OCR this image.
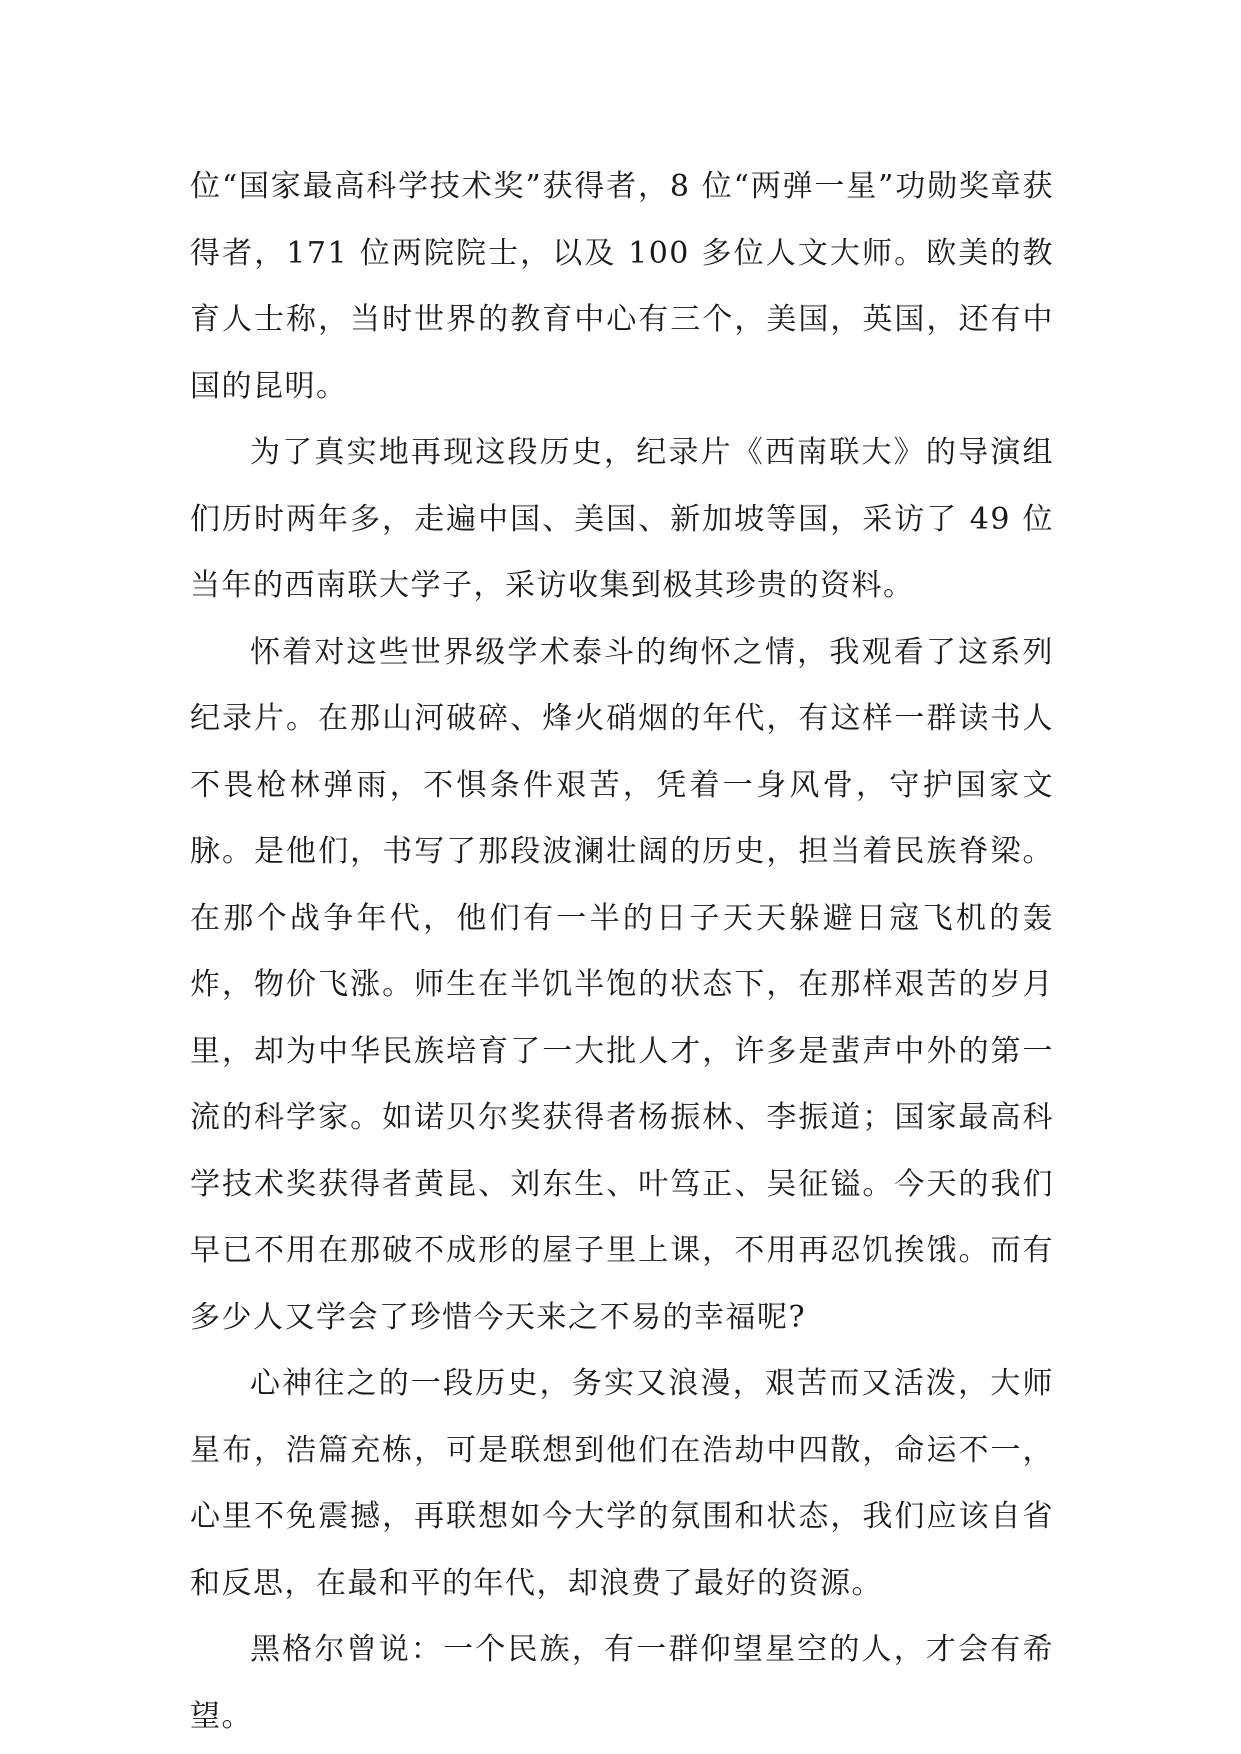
位“国家最高科学技术奖”获得者，8 位“两弹一星”功勋奖章获得者，171 位两院院士，以及 100 多位人文大师。欧美的教育人士称，当时世界的教育中心有三个，美国，英国，还有中国的昆明。

为了真实地再现这段历史，纪录片《西南联大》的导演组们历时两年多，走遍中国、美国、新加坡等国，采访了 49 位当年的西南联大学子，采访收集到极其珍贵的资料。

怀着对这些世界级学术泰斗的绚怀之情，我观看了这系列纪录片。在那山河破碎、烽火硝烟的年代，有这样一群读书人不畏枪林弹雨，不惧条件艰苦，凭着一身风骨，守护国家文脉。是他们，书写了那段波澜壮阔的历史，担当着民族脊梁。在那个战争年代，他们有一半的日子天天躲避日寇飞机的轰炸，物价飞涨。师生在半饥半饱的状态下，在那样艰苦的岁月里，却为中华民族培育了一大批人才，许多是蜚声中外的第一流的科学家。如诺贝尔奖获得者杨振林、李振道；国家最高科学技术奖获得者黄昆、刘东生、叶笃正、吴征镒。今天的我们早已不用在那破不成形的屋子里上课，不用再忍饥挨饿。而有多少人又学会了珍惜今天来之不易的幸福呢?

心神往之的一段历史，务实又浪漫，艰苦而又活泼，大师星布，浩篇充栋，可是联想到他们在浩劫中四散，命运不一，心里不免震撼，再联想如今大学的氛围和状态，我们应该自省和反思，在最和平的年代，却浪费了最好的资源。

黑格尔曾说：一个民族，有一群仰望星空的人，才会有希望。
